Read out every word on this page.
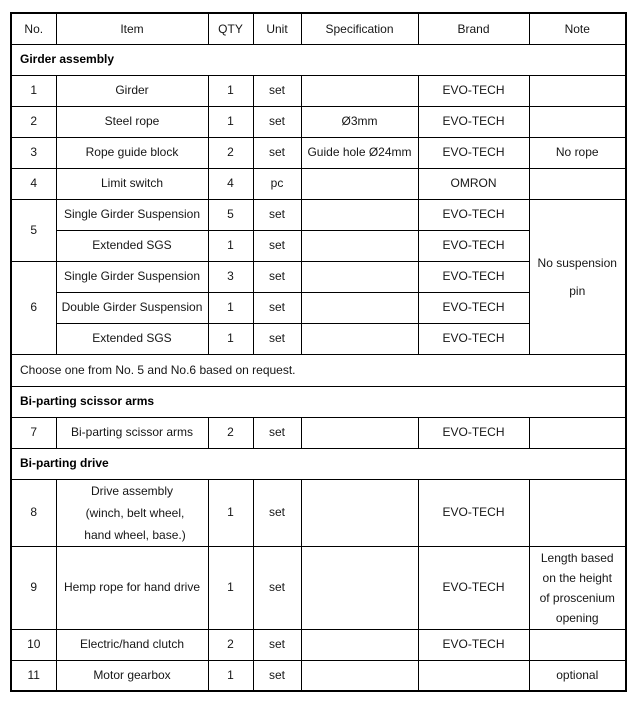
No.	Item	QTY	Unit	Specification	Brand	Note
Girder assembly						
1	Girder	1	set		EVO-TECH	
2	Steel rope	1	set	Ø3mm	EVO-TECH	
3	Rope guide block	2	set	Guide hole Ø24mm	EVO-TECH	No rope
4	Limit switch	4	pc		OMRON	
5	Single Girder Suspension	5	set		EVO-TECH	No suspension
pin

	Extended SGS	1	set		EVO-TECH	
6	Single Girder Suspension	3	set		EVO-TECH	
	Double Girder Suspension	1	set		EVO-TECH	
	Extended SGS	1	set		EVO-TECH	
Choose one from No. 5 and No.6 based on request.						
Bi-parting scissor arms						
7	Bi-parting scissor arms	2	set		EVO-TECH	
Bi-parting drive						
8	Drive assembly
(winch, belt wheel,
hand wheel, base.)	1	set		EVO-TECH	
9	Hemp rope for hand drive	1	set		EVO-TECH	Length based
on the height
of proscenium
opening

10	Electric/hand clutch	2	set		EVO-TECH	
11	Motor gearbox	1	set			optional
